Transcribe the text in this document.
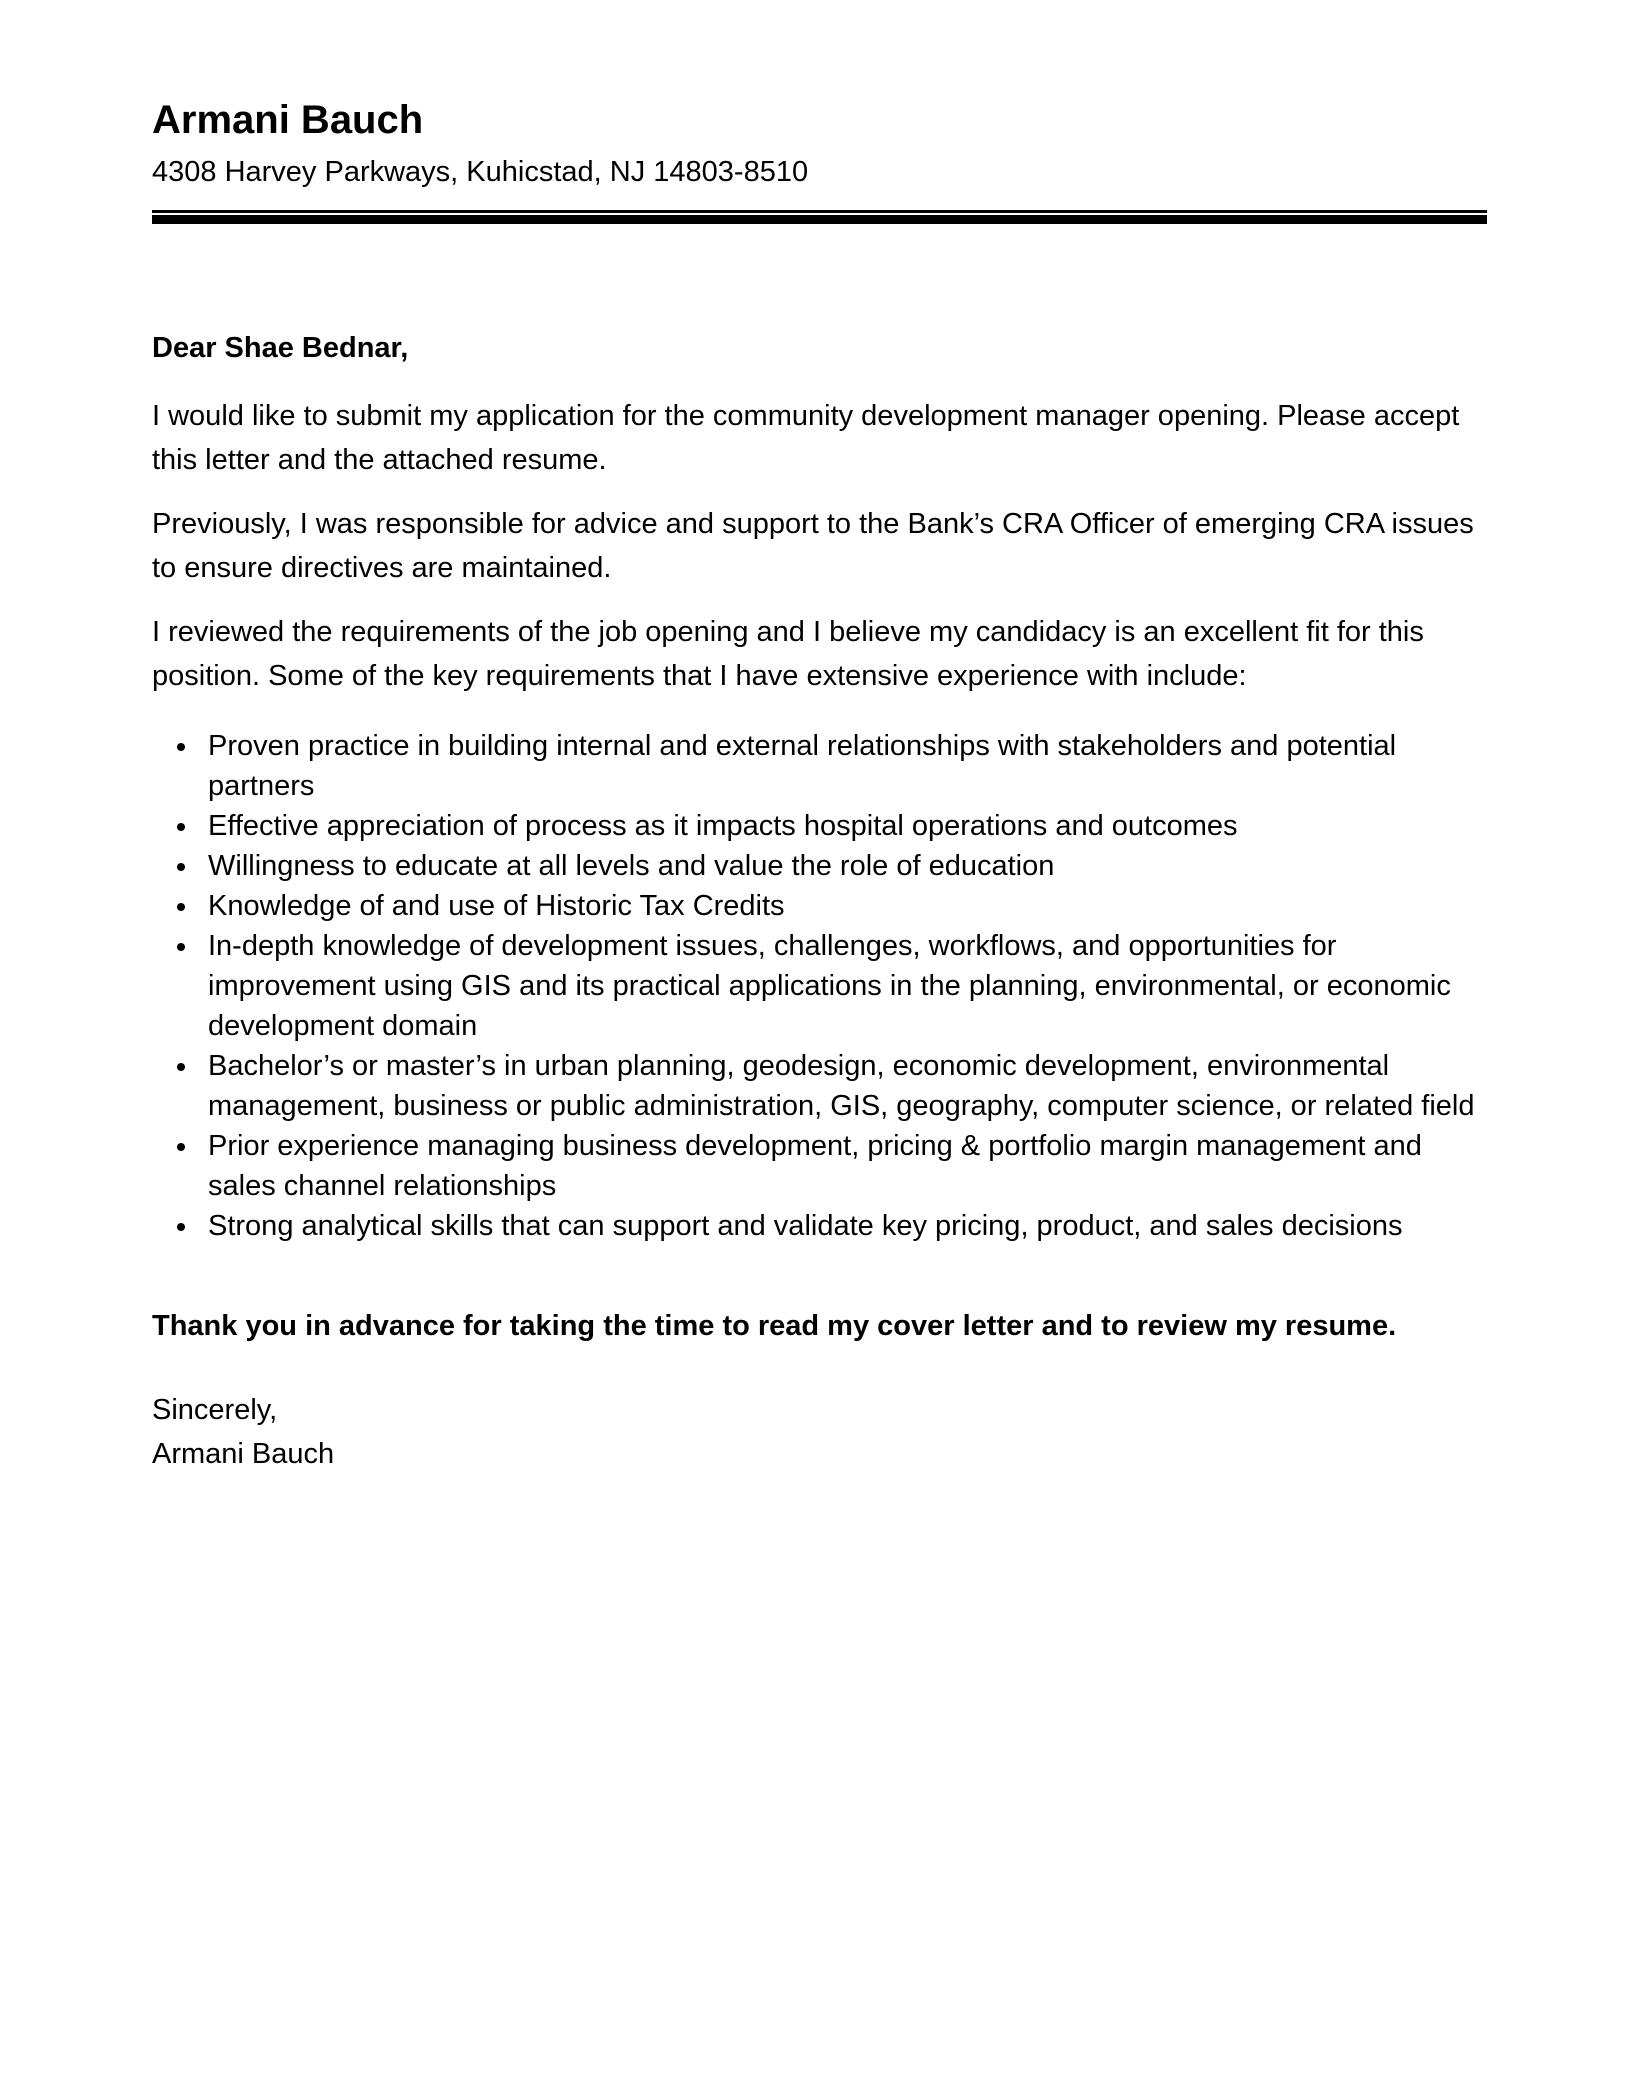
Armani Bauch
4308 Harvey Parkways, Kuhicstad, NJ 14803-8510
Dear Shae Bednar,

I would like to submit my application for the community development manager opening. Please accept this letter and the attached resume.

Previously, I was responsible for advice and support to the Bank’s CRA Officer of emerging CRA issues to ensure directives are maintained.

I reviewed the requirements of the job opening and I believe my candidacy is an excellent fit for this position. Some of the key requirements that I have extensive experience with include:

• Proven practice in building internal and external relationships with stakeholders and potential partners
• Effective appreciation of process as it impacts hospital operations and outcomes
• Willingness to educate at all levels and value the role of education
• Knowledge of and use of Historic Tax Credits
• In-depth knowledge of development issues, challenges, workflows, and opportunities for improvement using GIS and its practical applications in the planning, environmental, or economic development domain
• Bachelor’s or master’s in urban planning, geodesign, economic development, environmental management, business or public administration, GIS, geography, computer science, or related field
• Prior experience managing business development, pricing & portfolio margin management and sales channel relationships
• Strong analytical skills that can support and validate key pricing, product, and sales decisions

Thank you in advance for taking the time to read my cover letter and to review my resume.

Sincerely,
Armani Bauch
